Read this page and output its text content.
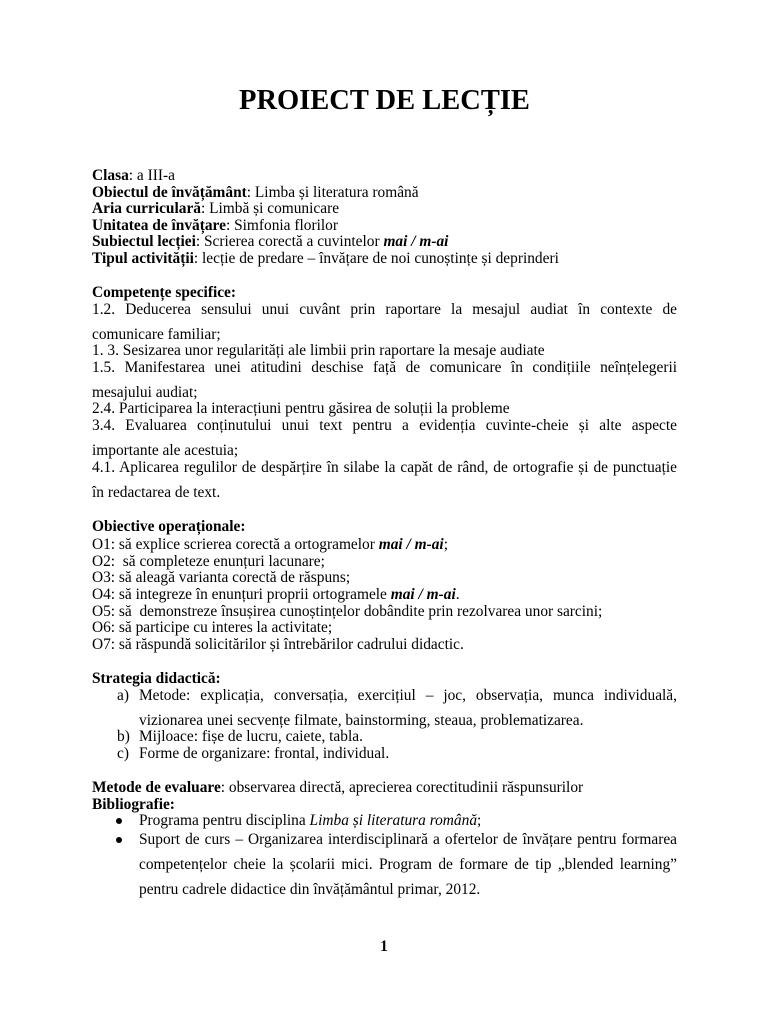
PROIECT DE LECȚIE
Clasa: a III-a
Obiectul de învățământ: Limba și literatura română
Aria curriculară: Limbă și comunicare
Unitatea de învățare: Simfonia florilor
Subiectul lecției: Scrierea corectă a cuvintelor mai / m-ai
Tipul activității: lecție de predare – învățare de noi cunoștințe și deprinderi
Competențe specifice:
1.2. Deducerea sensului unui cuvânt prin raportare la mesajul audiat în contexte de
comunicare familiar;
1. 3. Sesizarea unor regularități ale limbii prin raportare la mesaje audiate
1.5. Manifestarea unei atitudini deschise față de comunicare în condițiile neînțelegerii
mesajului audiat;
2.4. Participarea la interacțiuni pentru găsirea de soluții la probleme
3.4. Evaluarea conținutului unui text pentru a evidenția cuvinte-cheie și alte aspecte
importante ale acestuia;
4.1. Aplicarea regulilor de despărțire în silabe la capăt de rând, de ortografie și de punctuație
în redactarea de text.
Obiective operaționale:
O1: să explice scrierea corectă a ortogramelor mai / m-ai;
O2:  să completeze enunțuri lacunare;
O3: să aleagă varianta corectă de răspuns;
O4: să integreze în enunțuri proprii ortogramele mai / m-ai.
O5: să  demonstreze însușirea cunoștințelor dobândite prin rezolvarea unor sarcini;
O6: să participe cu interes la activitate;
O7: să răspundă solicitărilor și întrebărilor cadrului didactic.
Strategia didactică:
a) Metode: explicația, conversația, exercițiul – joc, observația, munca individuală,
vizionarea unei secvențe filmate, bainstorming, steaua, problematizarea.
b) Mijloace: fișe de lucru, caiete, tabla.
c) Forme de organizare: frontal, individual.
Metode de evaluare: observarea directă, aprecierea corectitudinii răspunsurilor
Bibliografie:
Programa pentru disciplina Limba și literatura română;
Suport de curs – Organizarea interdisciplinară a ofertelor de învățare pentru formarea
competențelor cheie la școlarii mici. Program de formare de tip „blended learning”
pentru cadrele didactice din învățământul primar, 2012.
1
